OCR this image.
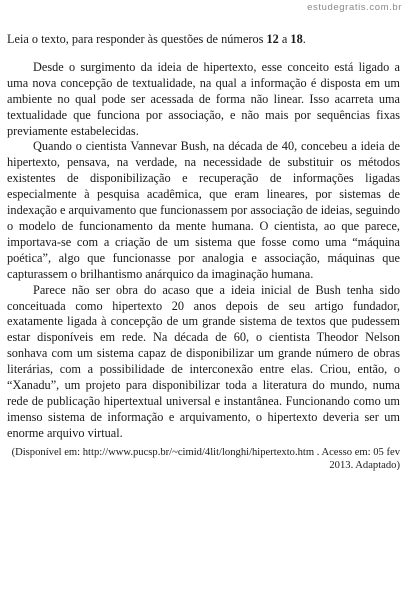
estudegratis.com.br

Leia o texto, para responder às questões de números 12 a 18.

Desde o surgimento da ideia de hipertexto, esse conceito está ligado a uma nova concepção de textualidade, na qual a informação é disposta em um ambiente no qual pode ser acessada de forma não linear. Isso acarreta uma textualidade que funciona por associação, e não mais por sequências fixas previamente estabelecidas.

Quando o cientista Vannevar Bush, na década de 40, concebeu a ideia de hipertexto, pensava, na verdade, na necessidade de substituir os métodos existentes de disponibilização e recuperação de informações ligadas especialmente à pesquisa acadêmica, que eram lineares, por sistemas de indexação e arquivamento que funcionassem por associação de ideias, seguindo o modelo de funcionamento da mente humana. O cientista, ao que parece, importava-se com a criação de um sistema que fosse como uma “máquina poética”, algo que funcionasse por analogia e associação, máquinas que capturassem o brilhantismo anárquico da imaginação humana.

Parece não ser obra do acaso que a ideia inicial de Bush tenha sido conceituada como hipertexto 20 anos depois de seu artigo fundador, exatamente ligada à concepção de um grande sistema de textos que pudessem estar disponíveis em rede. Na década de 60, o cientista Theodor Nelson sonhava com um sistema capaz de disponibilizar um grande número de obras literárias, com a possibilidade de interconexão entre elas. Criou, então, o “Xanadu”, um projeto para disponibilizar toda a literatura do mundo, numa rede de publicação hipertextual universal e instantânea. Funcionando como um imenso sistema de informação e arquivamento, o hipertexto deveria ser um enorme arquivo virtual.

(Disponível em: http://www.pucsp.br/~cimid/4lit/longhi/hipertexto.htm . Acesso em: 05 fev 2013. Adaptado)
